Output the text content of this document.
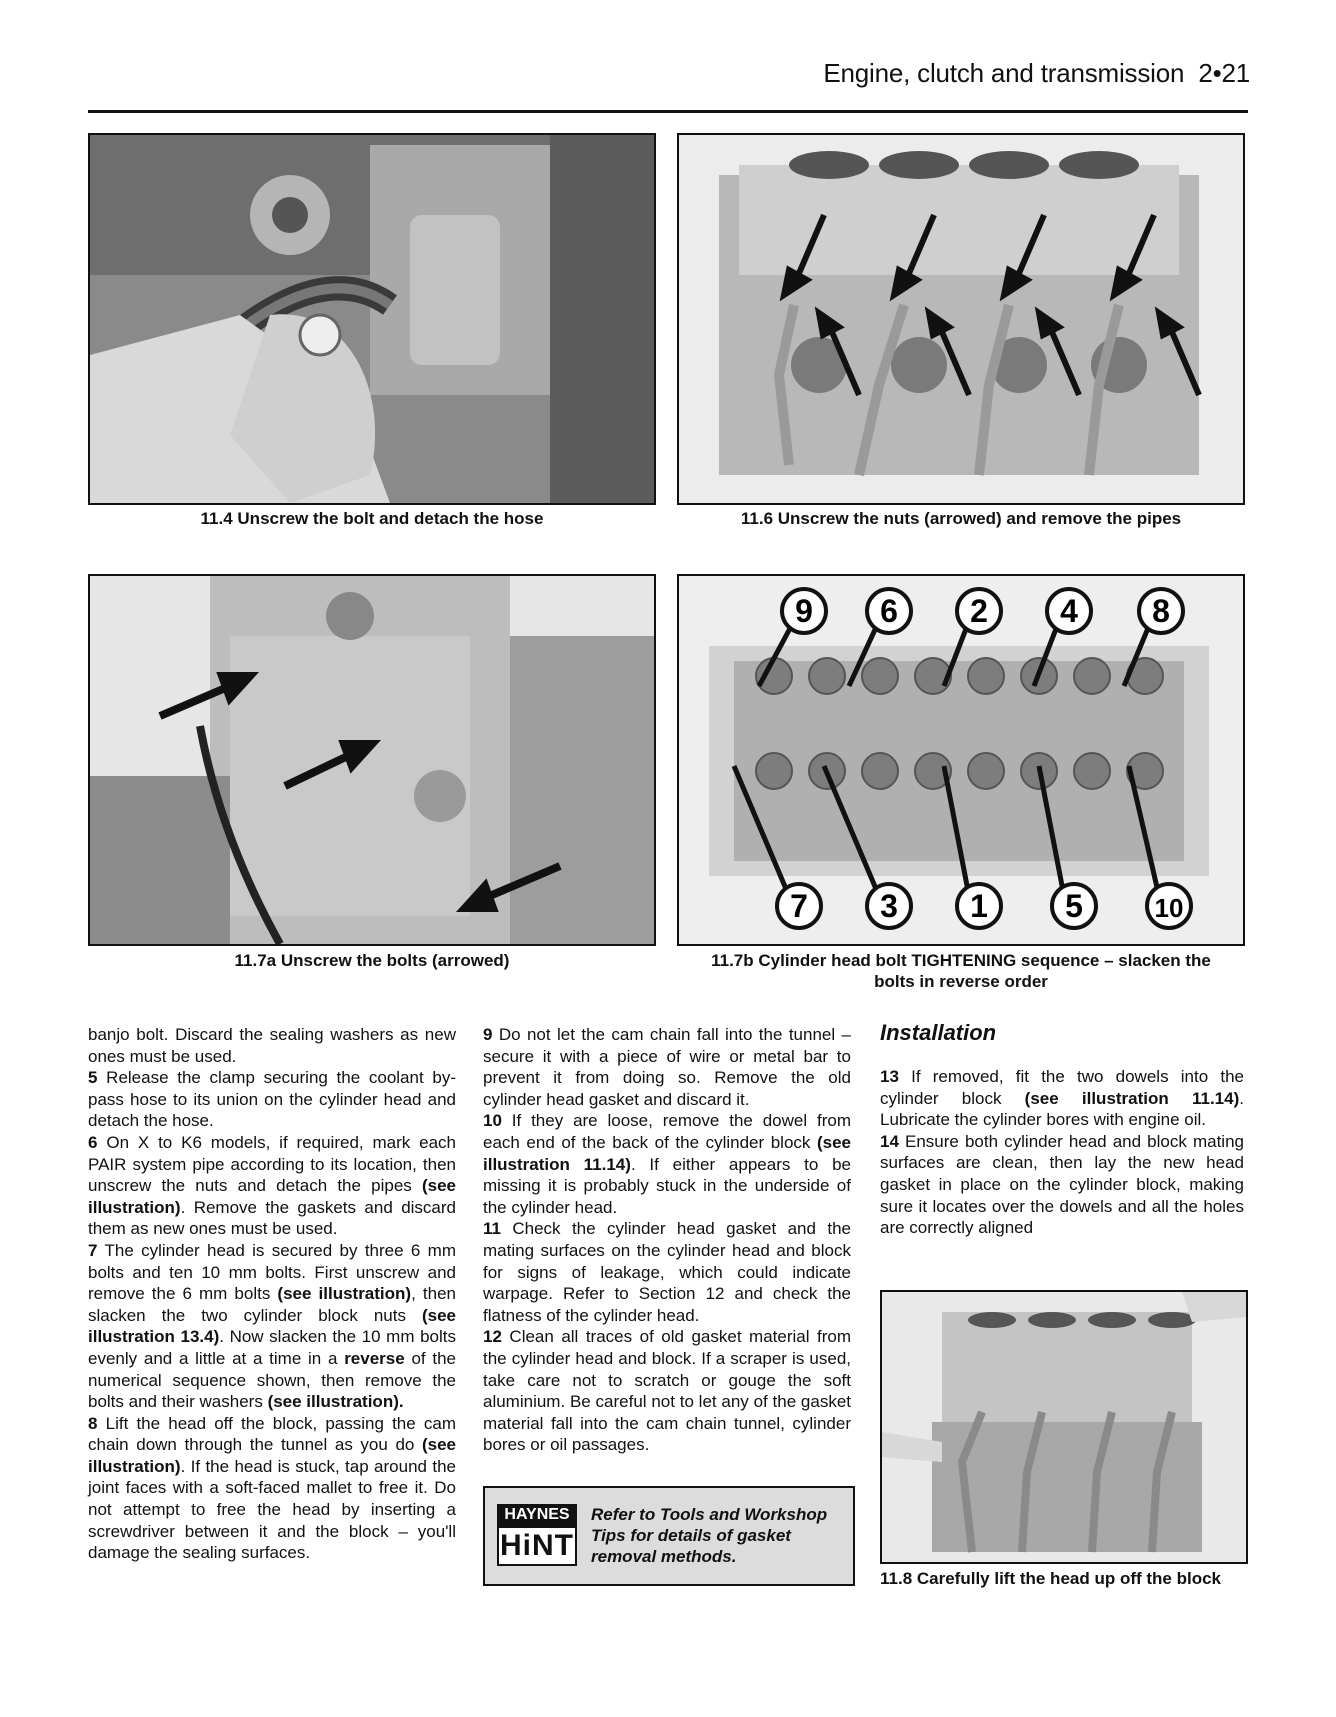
Engine, clutch and transmission 2•21
11.4 Unscrew the bolt and detach the hose	11.6 Unscrew the nuts (arrowed) and remove the pipes
11.7a Unscrew the bolts (arrowed)
9 6 2 4 8
7 3 1 5	10
11.7b Cylinder head bolt TIGHTENING sequence – slacken the
bolts in reverse order

banjo bolt. Discard the sealing washers as new ones must be used.

5 Release the clamp securing the coolant by-pass hose to its union on the cylinder head and detach the hose.

6 On X to K6 models, if required, mark each PAIR system pipe according to its location, then unscrew the nuts and detach the pipes (see illustration). Remove the gaskets and discard them as new ones must be used.

7 The cylinder head is secured by three 6 mm bolts and ten 10 mm bolts. First unscrew and remove the 6 mm bolts (see illustration), then slacken the two cylinder block nuts (see illustration 13.4). Now slacken the 10 mm bolts evenly and a little at a time in a reverse of the numerical sequence shown, then remove the bolts and their washers (see illustration).

8 Lift the head off the block, passing the cam chain down through the tunnel as you do (see illustration). If the head is stuck, tap around the joint faces with a soft-faced mallet to free it. Do not attempt to free the head by inserting a screwdriver between it and the block – you'll damage the sealing surfaces.

9 Do not let the cam chain fall into the tunnel – secure it with a piece of wire or metal bar to prevent it from doing so. Remove the old cylinder head gasket and discard it.

10 If they are loose, remove the dowel from each end of the back of the cylinder block (see illustration 11.14). If either appears to be missing it is probably stuck in the underside of the cylinder head.

11 Check the cylinder head gasket and the mating surfaces on the cylinder head and block for signs of leakage, which could indicate warpage. Refer to Section 12 and check the flatness of the cylinder head.

12 Clean all traces of old gasket material from the cylinder head and block. If a scraper is used, take care not to scratch or gouge the soft aluminium. Be careful not to let any of the gasket material fall into the cam chain tunnel, cylinder bores or oil passages.

HAYNES
HiNT
Refer to Tools and Workshop Tips for details of gasket removal methods.
Installation

13 If removed, fit the two dowels into the cylinder block (see illustration 11.14). Lubricate the cylinder bores with engine oil.

14 Ensure both cylinder head and block mating surfaces are clean, then lay the new head gasket in place on the cylinder block, making sure it locates over the dowels and all the holes are correctly aligned

11.8 Carefully lift the head up off the block
